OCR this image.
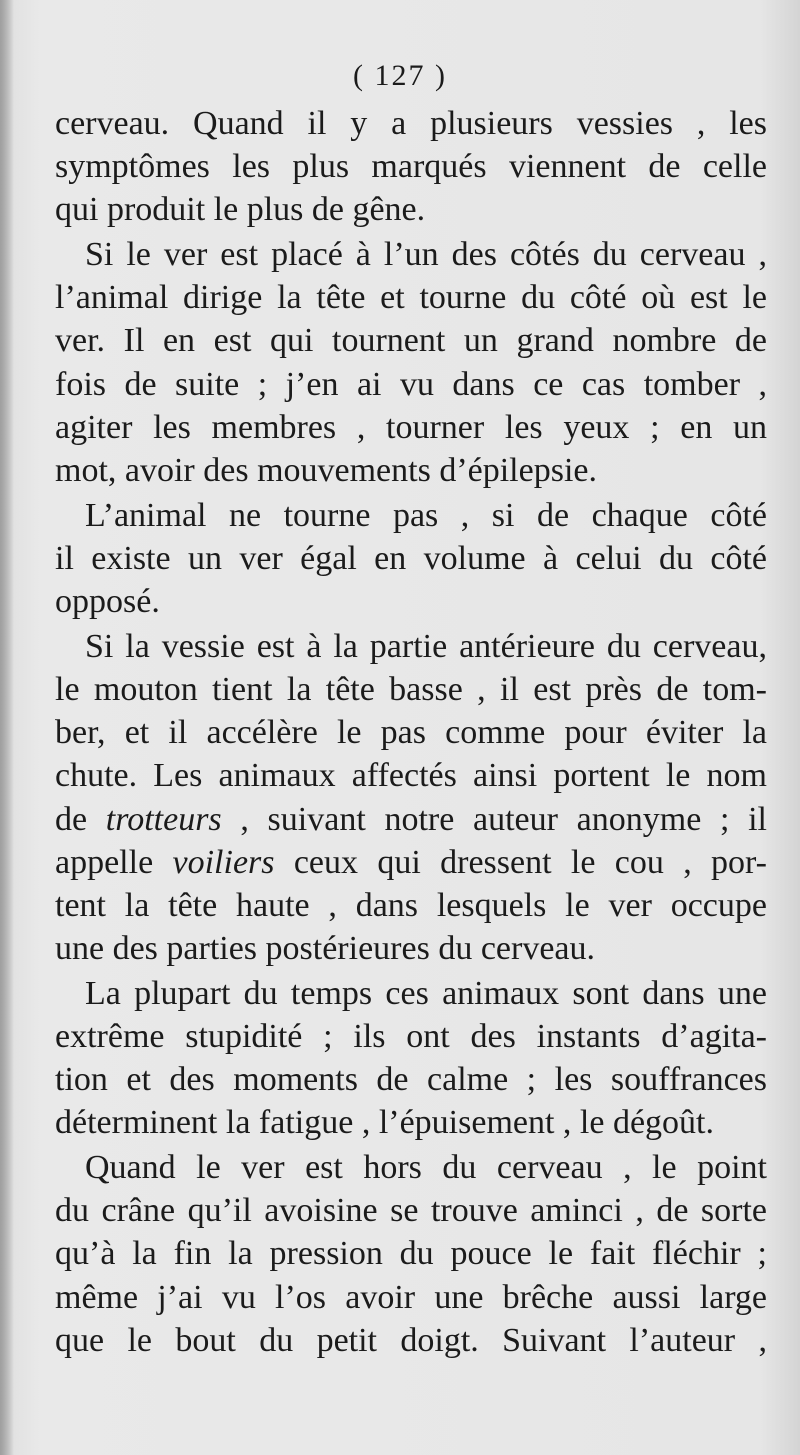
( 127 )
cerveau. Quand il y a plusieurs vessies , les
symptômes les plus marqués viennent de celle
qui produit le plus de gêne.
Si le ver est placé à l’un des côtés du cerveau ,
l’animal dirige la tête et tourne du côté où est le
ver. Il en est qui tournent un grand nombre de
fois de suite ; j’en ai vu dans ce cas tomber ,
agiter les membres , tourner les yeux ; en un
mot, avoir des mouvements d’épilepsie.
L’animal ne tourne pas , si de chaque côté
il existe un ver égal en volume à celui du côté
opposé.
Si la vessie est à la partie antérieure du cerveau,
le mouton tient la tête basse , il est près de tom-
ber, et il accélère le pas comme pour éviter la
chute. Les animaux affectés ainsi portent le nom
de trotteurs , suivant notre auteur anonyme ; il
appelle voiliers ceux qui dressent le cou , por-
tent la tête haute , dans lesquels le ver occupe
une des parties postérieures du cerveau.
La plupart du temps ces animaux sont dans une
extrême stupidité ; ils ont des instants d’agita-
tion et des moments de calme ; les souffrances
déterminent la fatigue , l’épuisement , le dégoût.
Quand le ver est hors du cerveau , le point
du crâne qu’il avoisine se trouve aminci , de sorte
qu’à la fin la pression du pouce le fait fléchir ;
même j’ai vu l’os avoir une brêche aussi large
que le bout du petit doigt. Suivant l’auteur ,
